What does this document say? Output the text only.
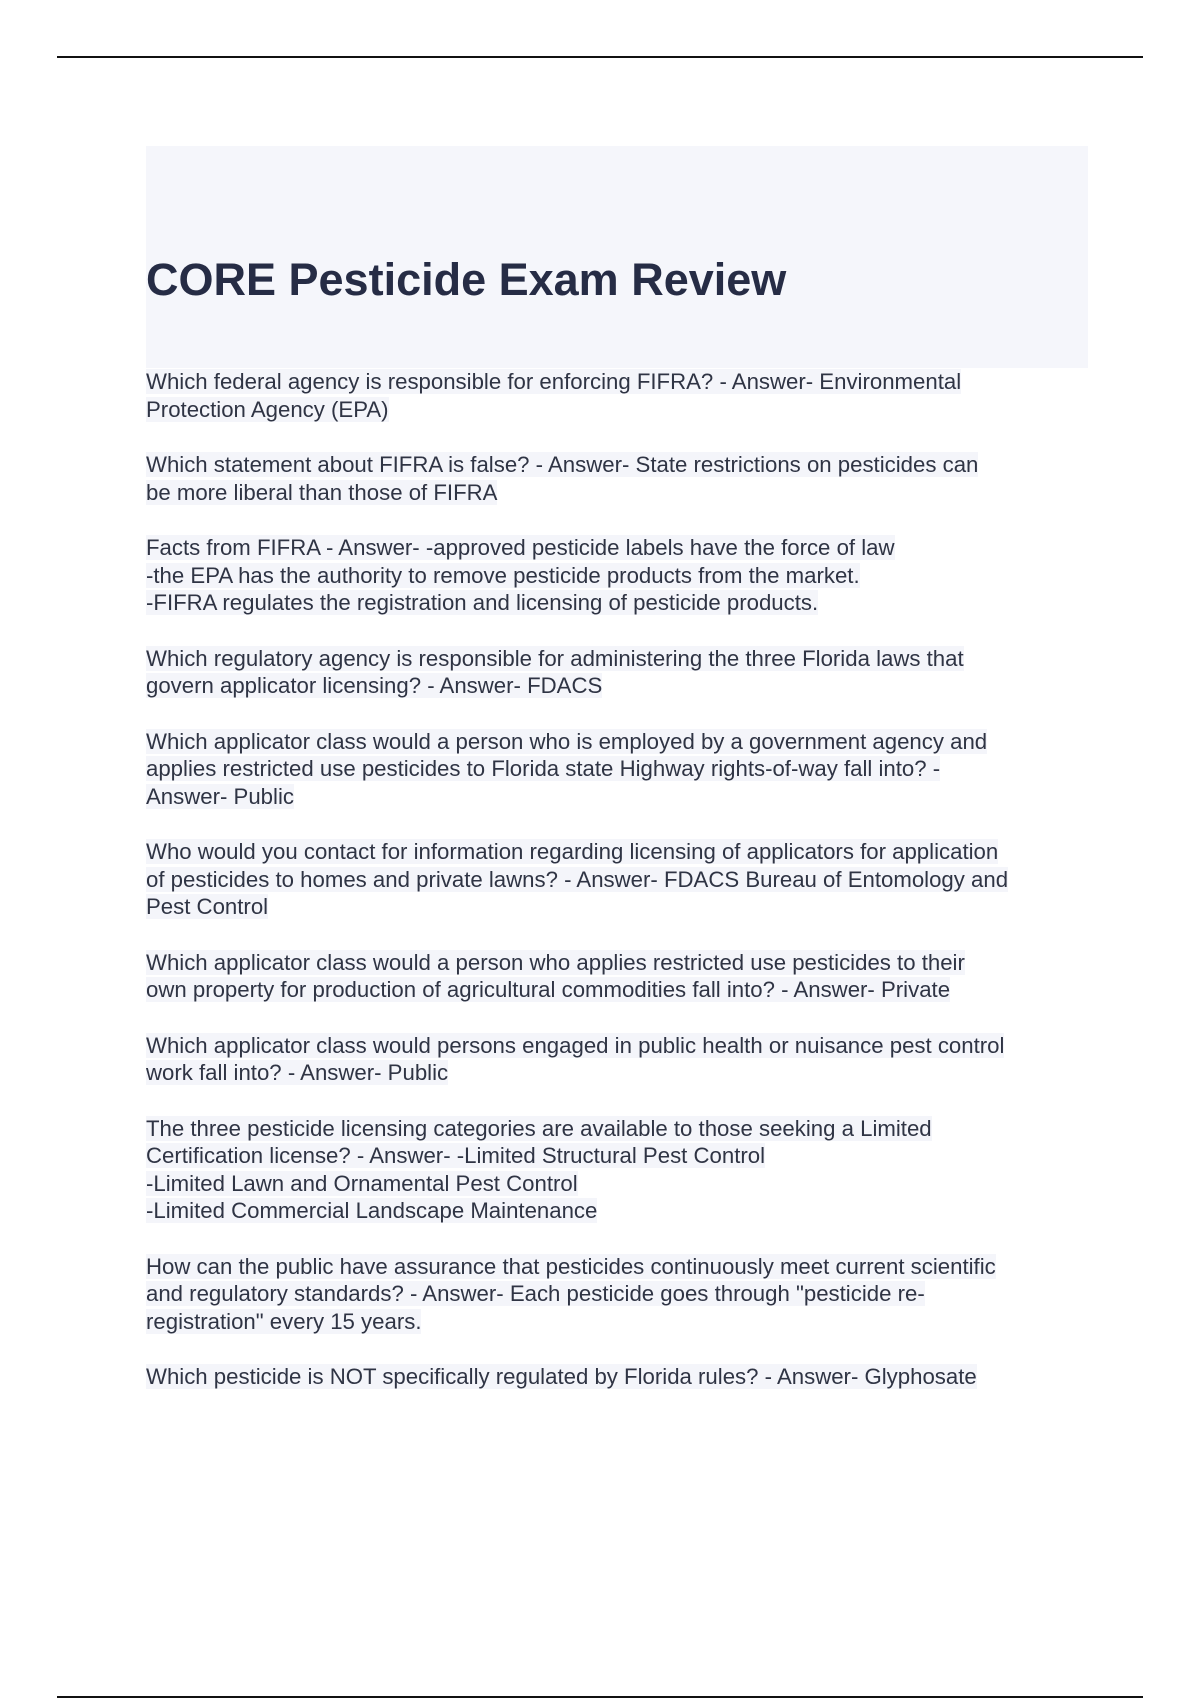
CORE Pesticide Exam Review
Which federal agency is responsible for enforcing FIFRA? - Answer- Environmental
Protection Agency (EPA)
Which statement about FIFRA is false? - Answer- State restrictions on pesticides can
be more liberal than those of FIFRA
Facts from FIFRA - Answer- -approved pesticide labels have the force of law
-the EPA has the authority to remove pesticide products from the market.
-FIFRA regulates the registration and licensing of pesticide products.
Which regulatory agency is responsible for administering the three Florida laws that
govern applicator licensing? - Answer- FDACS
Which applicator class would a person who is employed by a government agency and
applies restricted use pesticides to Florida state Highway rights-of-way fall into? -
Answer- Public
Who would you contact for information regarding licensing of applicators for application
of pesticides to homes and private lawns? - Answer- FDACS Bureau of Entomology and
Pest Control
Which applicator class would a person who applies restricted use pesticides to their
own property for production of agricultural commodities fall into? - Answer- Private
Which applicator class would persons engaged in public health or nuisance pest control
work fall into? - Answer- Public
The three pesticide licensing categories are available to those seeking a Limited
Certification license? - Answer- -Limited Structural Pest Control
-Limited Lawn and Ornamental Pest Control
-Limited Commercial Landscape Maintenance
How can the public have assurance that pesticides continuously meet current scientific
and regulatory standards? - Answer- Each pesticide goes through "pesticide re-
registration" every 15 years.
Which pesticide is NOT specifically regulated by Florida rules? - Answer- Glyphosate
